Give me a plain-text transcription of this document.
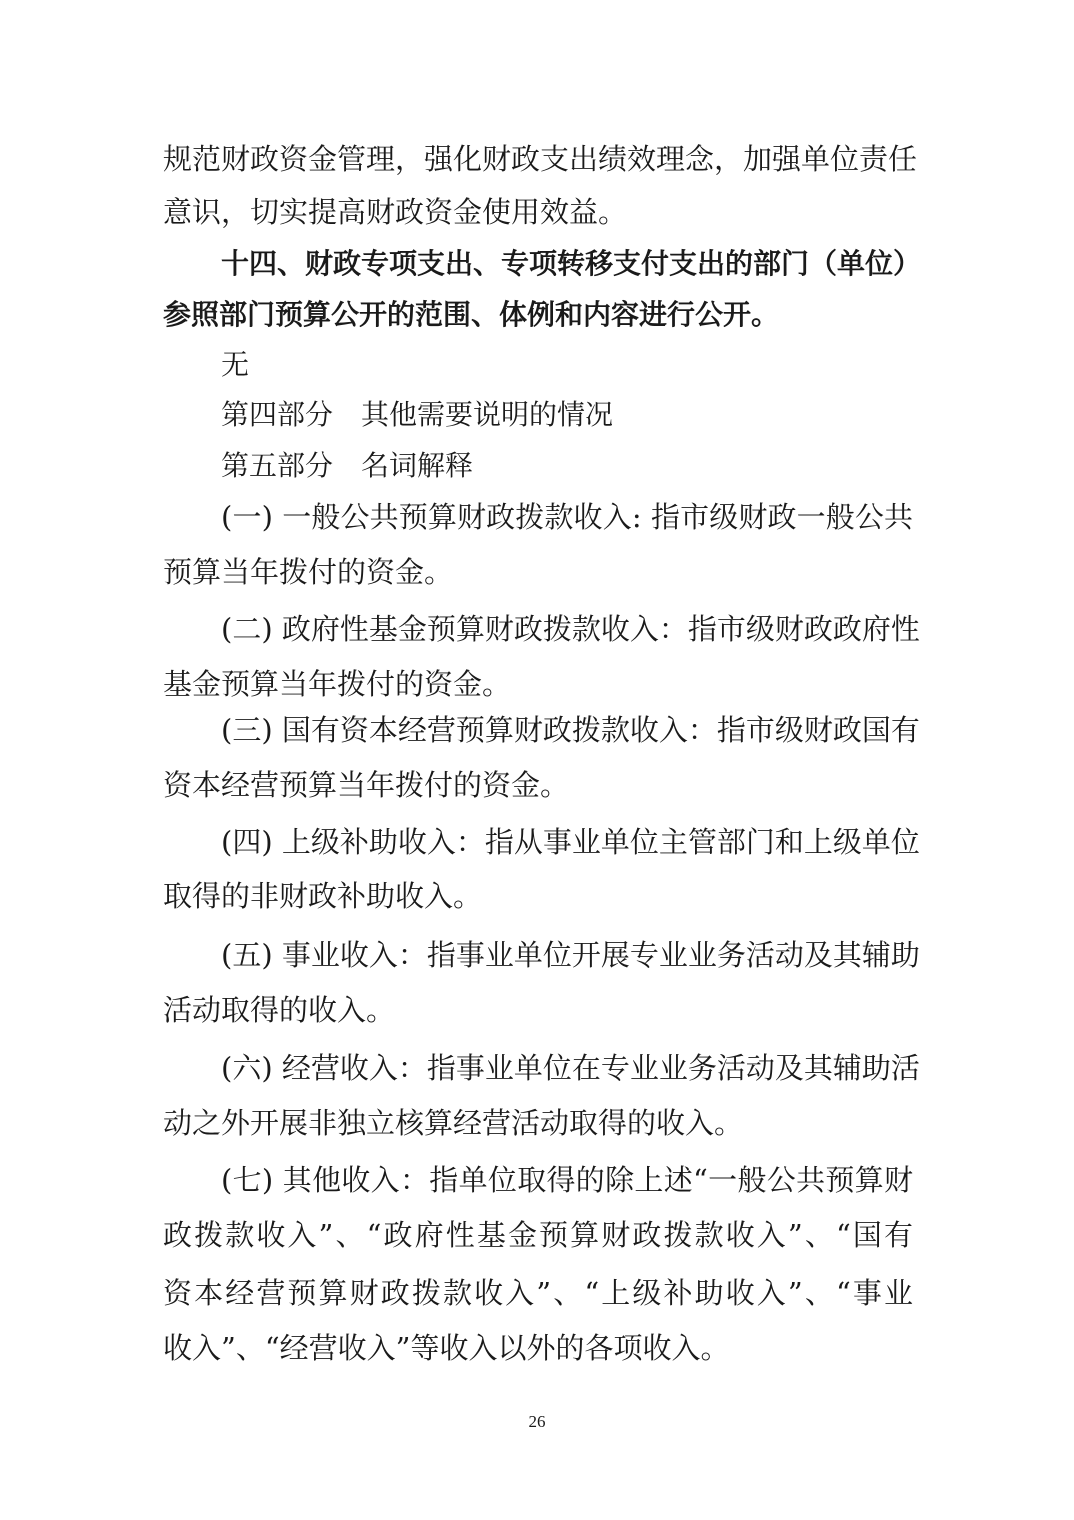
规范财政资金管理，强化财政支出绩效理念，加强单位责任
意识，切实提高财政资金使用效益。
十四、财政专项支出、专项转移支付支出的部门（单位）
参照部门预算公开的范围、体例和内容进行公开。
无
第四部分　其他需要说明的情况
第五部分　名词解释
(一) 一般公共预算财政拨款收入: 指市级财政一般公共
预算当年拨付的资金。
(二) 政府性基金预算财政拨款收入：指市级财政政府性
基金预算当年拨付的资金。
(三) 国有资本经营预算财政拨款收入：指市级财政国有
资本经营预算当年拨付的资金。
(四) 上级补助收入：指从事业单位主管部门和上级单位
取得的非财政补助收入。
(五) 事业收入：指事业单位开展专业业务活动及其辅助
活动取得的收入。
(六) 经营收入：指事业单位在专业业务活动及其辅助活
动之外开展非独立核算经营活动取得的收入。
(七) 其他收入：指单位取得的除上述“一般公共预算财
政拨款收入”、“政府性基金预算财政拨款收入”、“国有
资本经营预算财政拨款收入”、“上级补助收入”、“事业
收入”、“经营收入”等收入以外的各项收入。
26
